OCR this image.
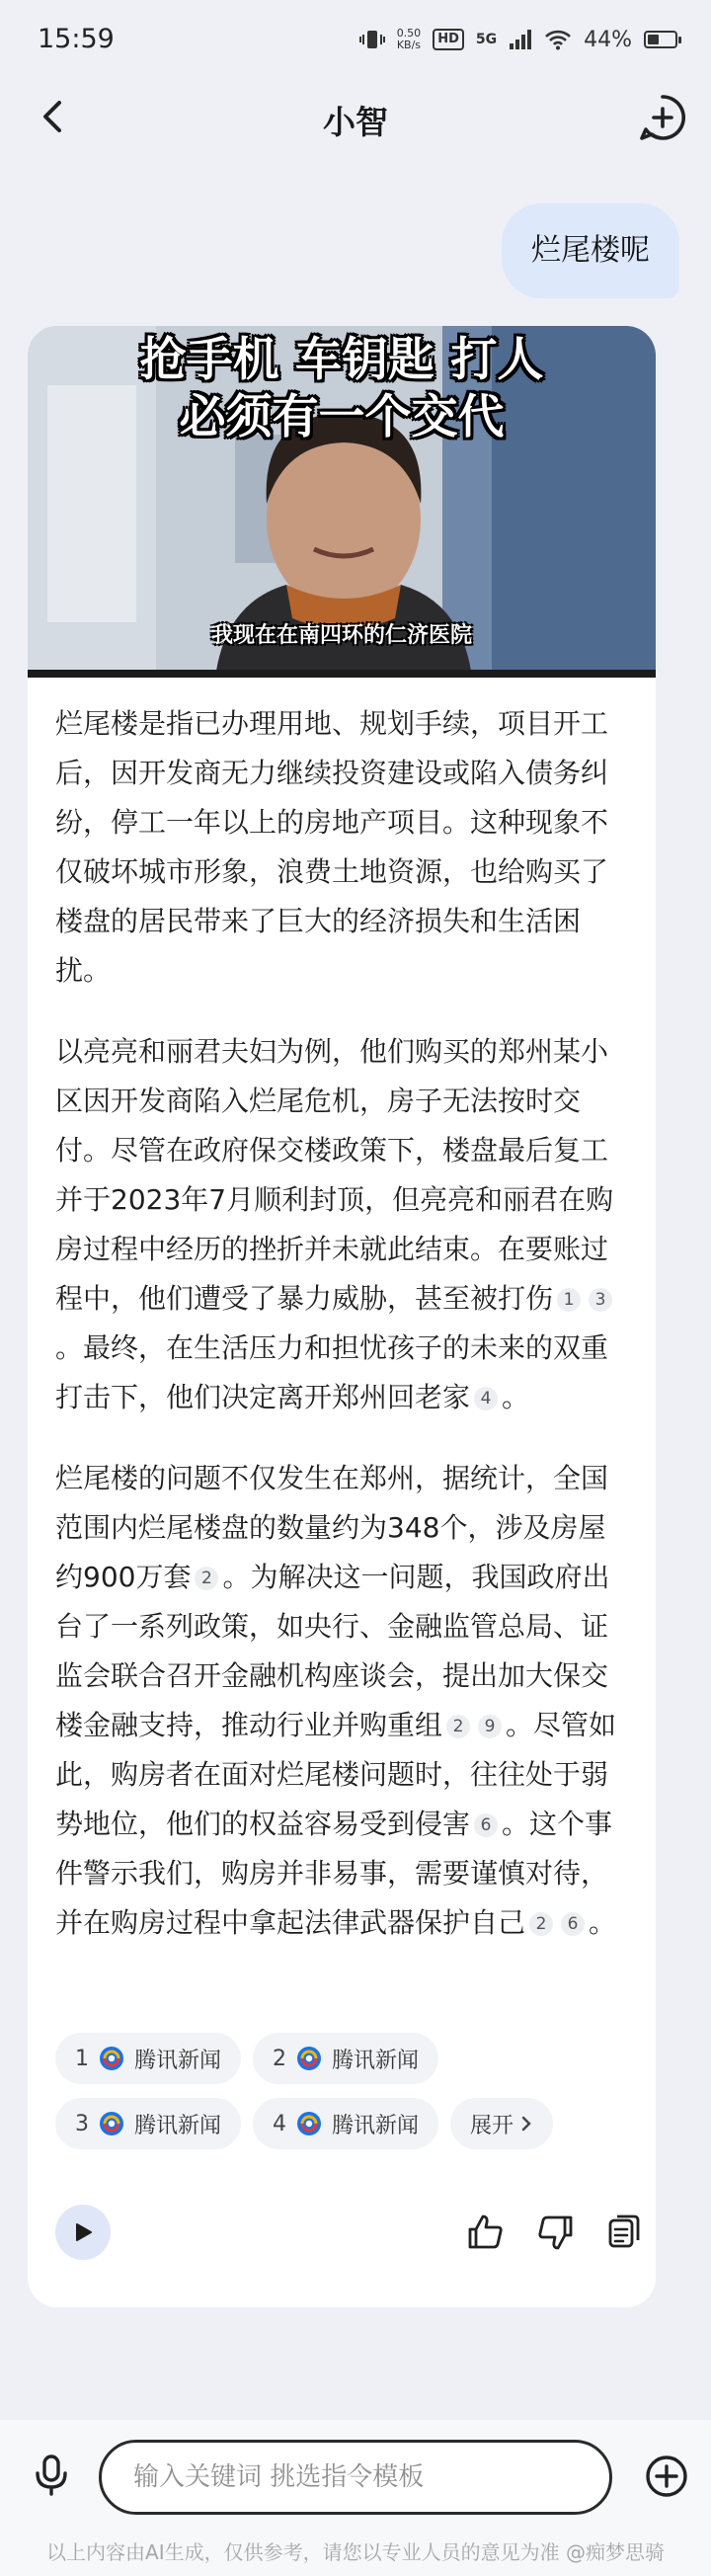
15:59	0.50
KB/s	HD	5G	44%
小智
烂尾楼呢
抢手机 车钥匙 打人
必须有一个交代
我现在在南四环的仁济医院

烂尾楼是指已办理用地、规划手续，项目开工后，因开发商无力继续投资建设或陷入债务纠纷，停工一年以上的房地产项目。这种现象不仅破坏城市形象，浪费土地资源，也给购买了楼盘的居民带来了巨大的经济损失和生活困扰。

以亮亮和丽君夫妇为例，他们购买的郑州某小区因开发商陷入烂尾危机，房子无法按时交付。尽管在政府保交楼政策下，楼盘最后复工并于2023年7月顺利封顶，但亮亮和丽君在购房过程中经历的挫折并未就此结束。在要账过程中，他们遭受了暴力威胁，甚至被打伤 1 3。最终，在生活压力和担忧孩子的未来的双重打击下，他们决定离开郑州回老家 4 。

烂尾楼的问题不仅发生在郑州，据统计，全国范围内烂尾楼盘的数量约为348个，涉及房屋约900万套 2 。为解决这一问题，我国政府出台了一系列政策，如央行、金融监管总局、证监会联合召开金融机构座谈会，提出加大保交楼金融支持，推动行业并购重组 2 9 。尽管如此，购房者在面对烂尾楼问题时，往往处于弱势地位，他们的权益容易受到侵害 6 。这个事件警示我们，购房并非易事，需要谨慎对待，并在购房过程中拿起法律武器保护自己 2 6 。

1 腾讯新闻 2 腾讯新闻
3 腾讯新闻 4 腾讯新闻 展开
输入关键词 挑选指令模板
以上内容由AI生成，仅供参考，请您以专业人员的意见为准 @痴梦思骑
